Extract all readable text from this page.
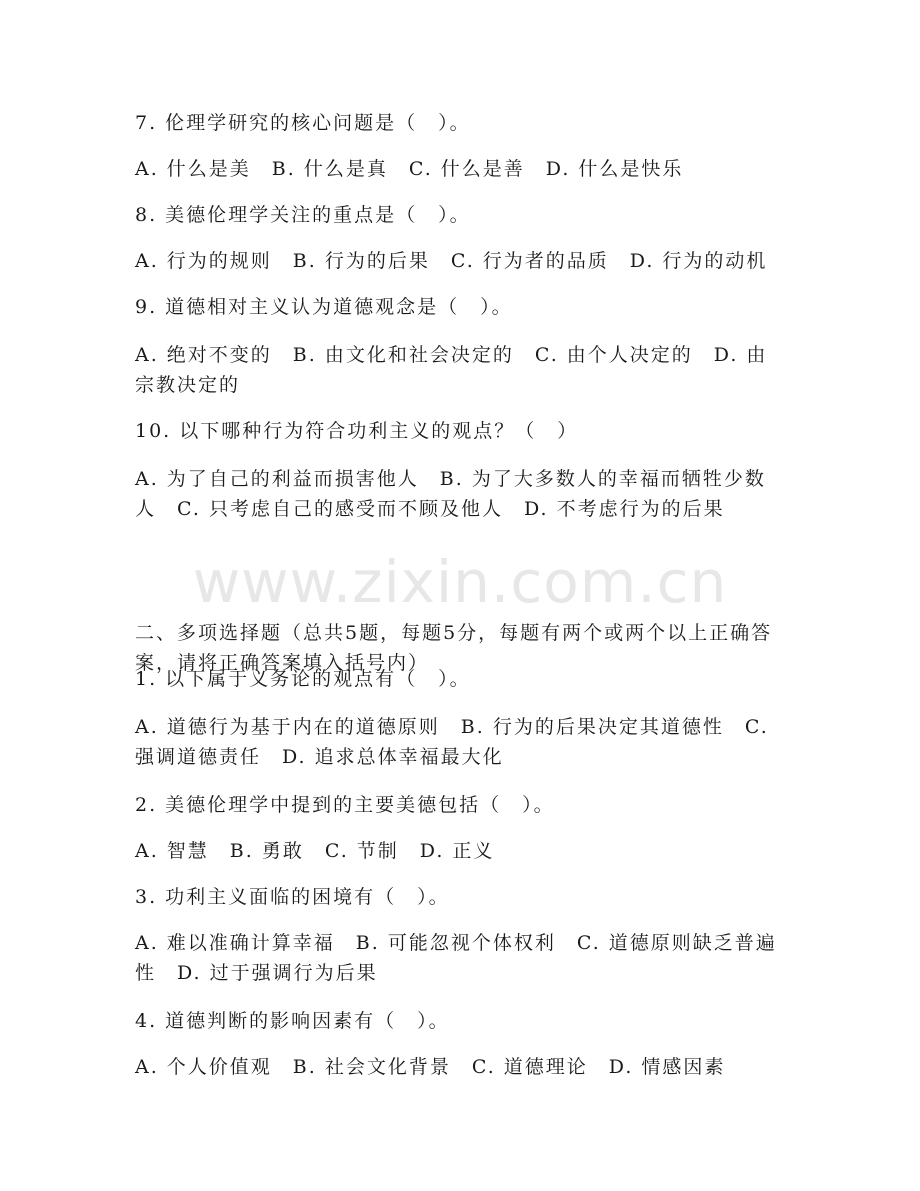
www.zixin.com.cn
7. 伦理学研究的核心问题是（　）。
A. 什么是美　B. 什么是真　C. 什么是善　D. 什么是快乐
8. 美德伦理学关注的重点是（　）。
A. 行为的规则　B. 行为的后果　C. 行为者的品质　D. 行为的动机
9. 道德相对主义认为道德观念是（　）。
A. 绝对不变的　B. 由文化和社会决定的　C. 由个人决定的　D. 由宗教决定的
10. 以下哪种行为符合功利主义的观点？（　）
A. 为了自己的利益而损害他人　B. 为了大多数人的幸福而牺牲少数人　C. 只考虑自己的感受而不顾及他人　D. 不考虑行为的后果
二、多项选择题（总共5题，每题5分，每题有两个或两个以上正确答案，请将正确答案填入括号内）
1. 以下属于义务论的观点有（　）。
A. 道德行为基于内在的道德原则　B. 行为的后果决定其道德性　C. 强调道德责任　D. 追求总体幸福最大化
2. 美德伦理学中提到的主要美德包括（　）。
A. 智慧　B. 勇敢　C. 节制　D. 正义
3. 功利主义面临的困境有（　）。
A. 难以准确计算幸福　B. 可能忽视个体权利　C. 道德原则缺乏普遍性　D. 过于强调行为后果
4. 道德判断的影响因素有（　）。
A. 个人价值观　B. 社会文化背景　C. 道德理论　D. 情感因素
